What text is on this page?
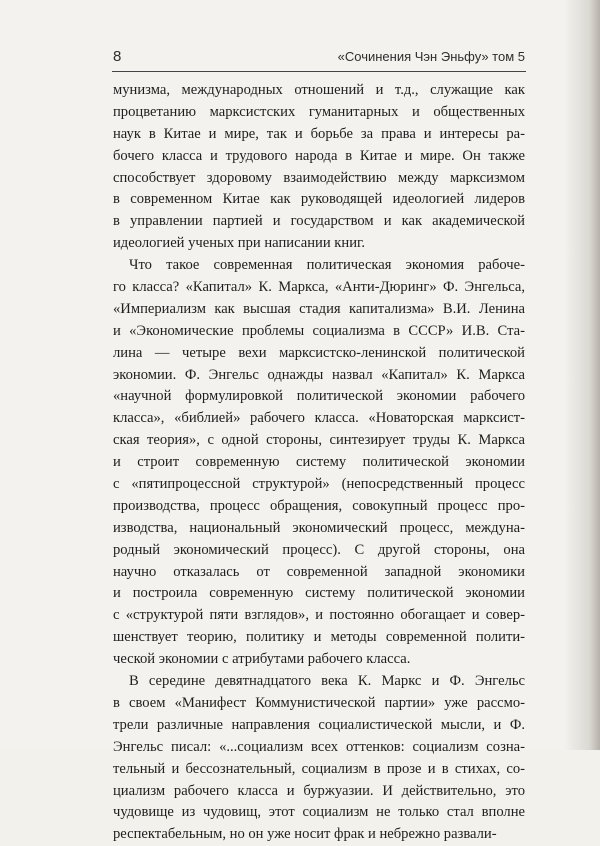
8	«Сочинения Чэн Эньфу» том 5

мунизма, международных отношений и т.д., служащие как
процветанию марксистских гуманитарных и общественных
наук в Китае и мире, так и борьбе за права и интересы ра-
бочего класса и трудового народа в Китае и мире. Он также
способствует здоровому взаимодействию между марксизмом
в современном Китае как руководящей идеологией лидеров
в управлении партией и государством и как академической
идеологией ученых при написании книг.

Что такое современная политическая экономия рабоче-
го класса? «Капитал» К. Маркса, «Анти-Дюринг» Ф. Энгельса,
«Империализм как высшая стадия капитализма» В.И. Ленина
и «Экономические проблемы социализма в СССР» И.В. Ста-
лина — четыре вехи марксистско-ленинской политической
экономии. Ф. Энгельс однажды назвал «Капитал» К. Маркса
«научной формулировкой политической экономии рабочего
класса», «библией» рабочего класса. «Новаторская марксист-
ская теория», с одной стороны, синтезирует труды К. Маркса
и строит современную систему политической экономии
с «пятипроцессной структурой» (непосредственный процесс
производства, процесс обращения, совокупный процесс про-
изводства, национальный экономический процесс, междуна-
родный экономический процесс). С другой стороны, она
научно отказалась от современной западной экономики
и построила современную систему политической экономии
с «структурой пяти взглядов», и постоянно обогащает и совер-
шенствует теорию, политику и методы современной полити-
ческой экономии с атрибутами рабочего класса.

В середине девятнадцатого века К. Маркс и Ф. Энгельс
в своем «Манифест Коммунистической партии» уже рассмо-
трели различные направления социалистической мысли, и Ф.
Энгельс писал: «...социализм всех оттенков: социализм созна-
тельный и бессознательный, социализм в прозе и в стихах, со-
циализм рабочего класса и буржуазии. И действительно, это
чудовище из чудовищ, этот социализм не только стал вполне
респектабельным, но он уже носит фрак и небрежно развали-
